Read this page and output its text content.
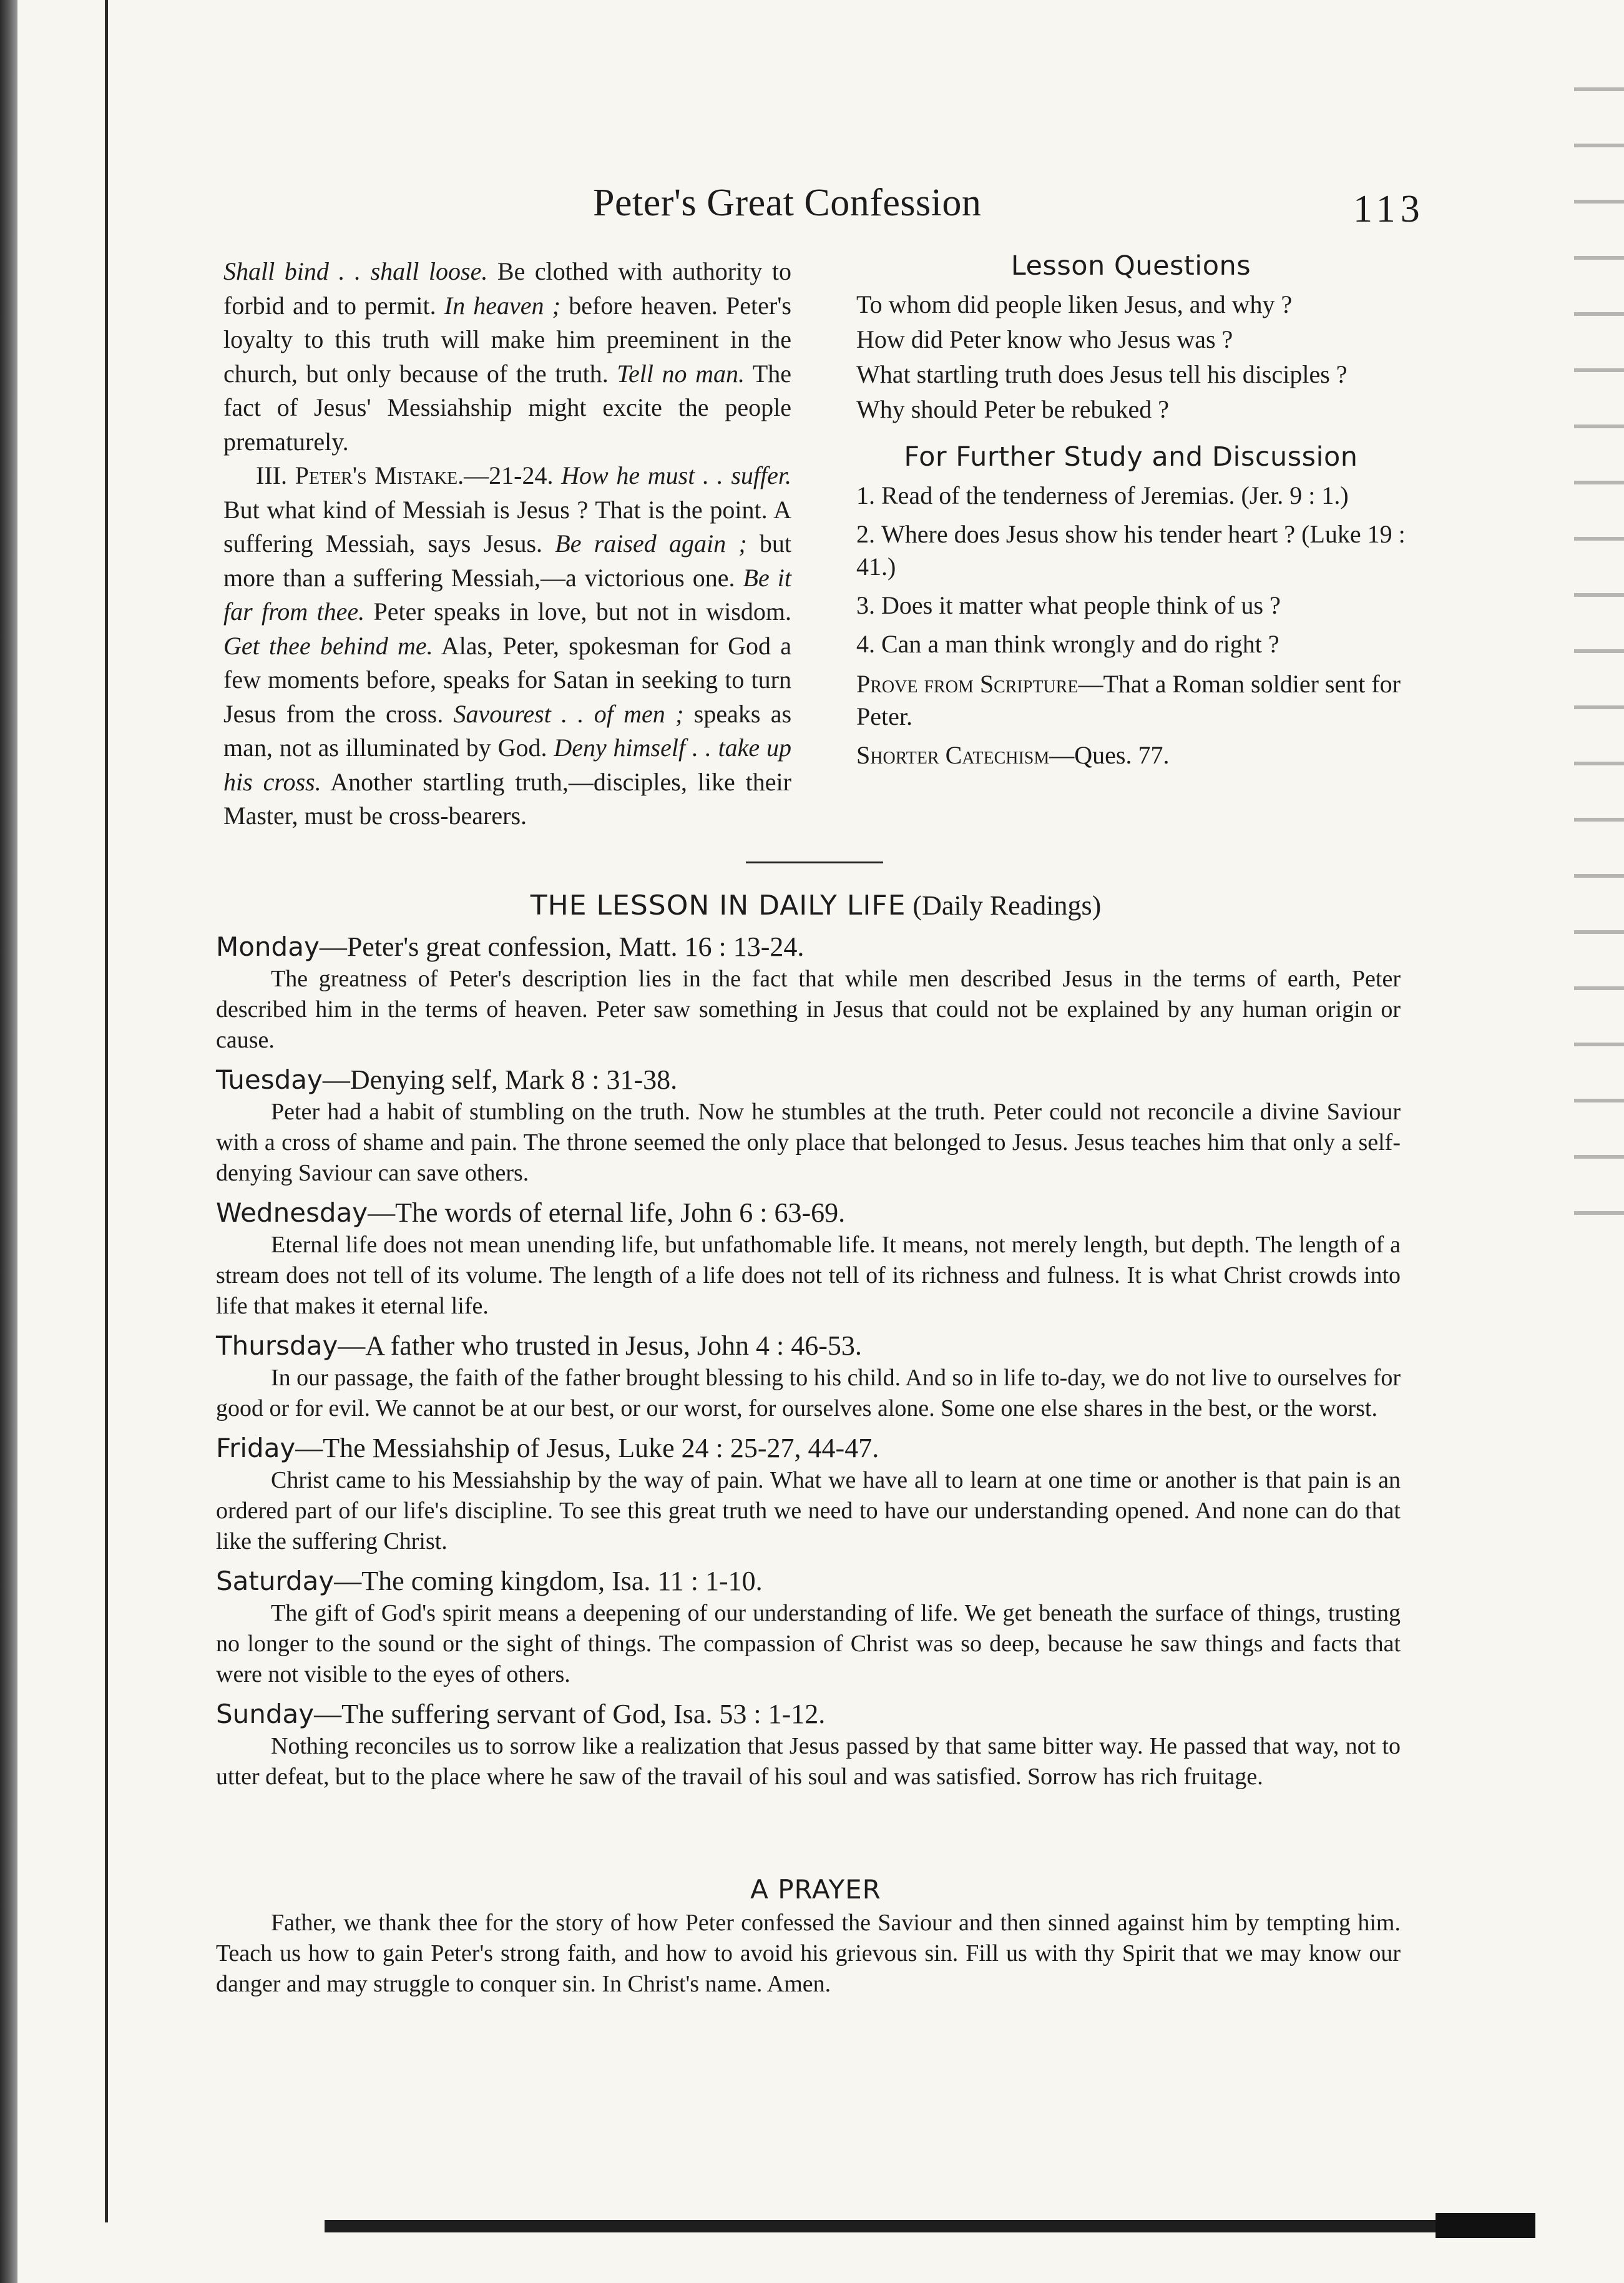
Peter's Great Confession	113

Shall bind . . shall loose. Be clothed with authority to forbid and to permit. In heaven ; before heaven. Peter's loyalty to this truth will make him preeminent in the church, but only because of the truth. Tell no man. The fact of Jesus' Messiahship might excite the people prematurely.

III. Peter's Mistake.—21-24. How he must . . suffer. But what kind of Messiah is Jesus ? That is the point. A suffering Messiah, says Jesus. Be raised again ; but more than a suffering Messiah,—a victorious one. Be it far from thee. Peter speaks in love, but not in wisdom. Get thee behind me. Alas, Peter, spokesman for God a few moments before, speaks for Satan in seeking to turn Jesus from the cross. Savourest . . of men ; speaks as man, not as illuminated by God. Deny himself . . take up his cross. Another startling truth,—disciples, like their Master, must be cross-bearers.

Lesson Questions

To whom did people liken Jesus, and why ?

How did Peter know who Jesus was ?

What startling truth does Jesus tell his disciples ?

Why should Peter be rebuked ?

For Further Study and Discussion

1. Read of the tenderness of Jeremias. (Jer. 9 : 1.)

2. Where does Jesus show his tender heart ? (Luke 19 : 41.)

3. Does it matter what people think of us ?

4. Can a man think wrongly and do right ?

Prove from Scripture—That a Roman soldier sent for Peter.

Shorter Catechism—Ques. 77.

THE LESSON IN DAILY LIFE (Daily Readings)

Monday—Peter's great confession, Matt. 16 : 13-24.

The greatness of Peter's description lies in the fact that while men described Jesus in the terms of earth, Peter described him in the terms of heaven. Peter saw something in Jesus that could not be explained by any human origin or cause.

Tuesday—Denying self, Mark 8 : 31-38.

Peter had a habit of stumbling on the truth. Now he stumbles at the truth. Peter could not reconcile a divine Saviour with a cross of shame and pain. The throne seemed the only place that belonged to Jesus. Jesus teaches him that only a self-denying Saviour can save others.

Wednesday—The words of eternal life, John 6 : 63-69.

Eternal life does not mean unending life, but unfathomable life. It means, not merely length, but depth. The length of a stream does not tell of its volume. The length of a life does not tell of its richness and fulness. It is what Christ crowds into life that makes it eternal life.

Thursday—A father who trusted in Jesus, John 4 : 46-53.

In our passage, the faith of the father brought blessing to his child. And so in life to-day, we do not live to ourselves for good or for evil. We cannot be at our best, or our worst, for ourselves alone. Some one else shares in the best, or the worst.

Friday—The Messiahship of Jesus, Luke 24 : 25-27, 44-47.

Christ came to his Messiahship by the way of pain. What we have all to learn at one time or another is that pain is an ordered part of our life's discipline. To see this great truth we need to have our understanding opened. And none can do that like the suffering Christ.

Saturday—The coming kingdom, Isa. 11 : 1-10.

The gift of God's spirit means a deepening of our understanding of life. We get beneath the surface of things, trusting no longer to the sound or the sight of things. The compassion of Christ was so deep, because he saw things and facts that were not visible to the eyes of others.

Sunday—The suffering servant of God, Isa. 53 : 1-12.

Nothing reconciles us to sorrow like a realization that Jesus passed by that same bitter way. He passed that way, not to utter defeat, but to the place where he saw of the travail of his soul and was satisfied. Sorrow has rich fruitage.

A PRAYER

Father, we thank thee for the story of how Peter confessed the Saviour and then sinned against him by tempting him. Teach us how to gain Peter's strong faith, and how to avoid his grievous sin. Fill us with thy Spirit that we may know our danger and may struggle to conquer sin. In Christ's name. Amen.
